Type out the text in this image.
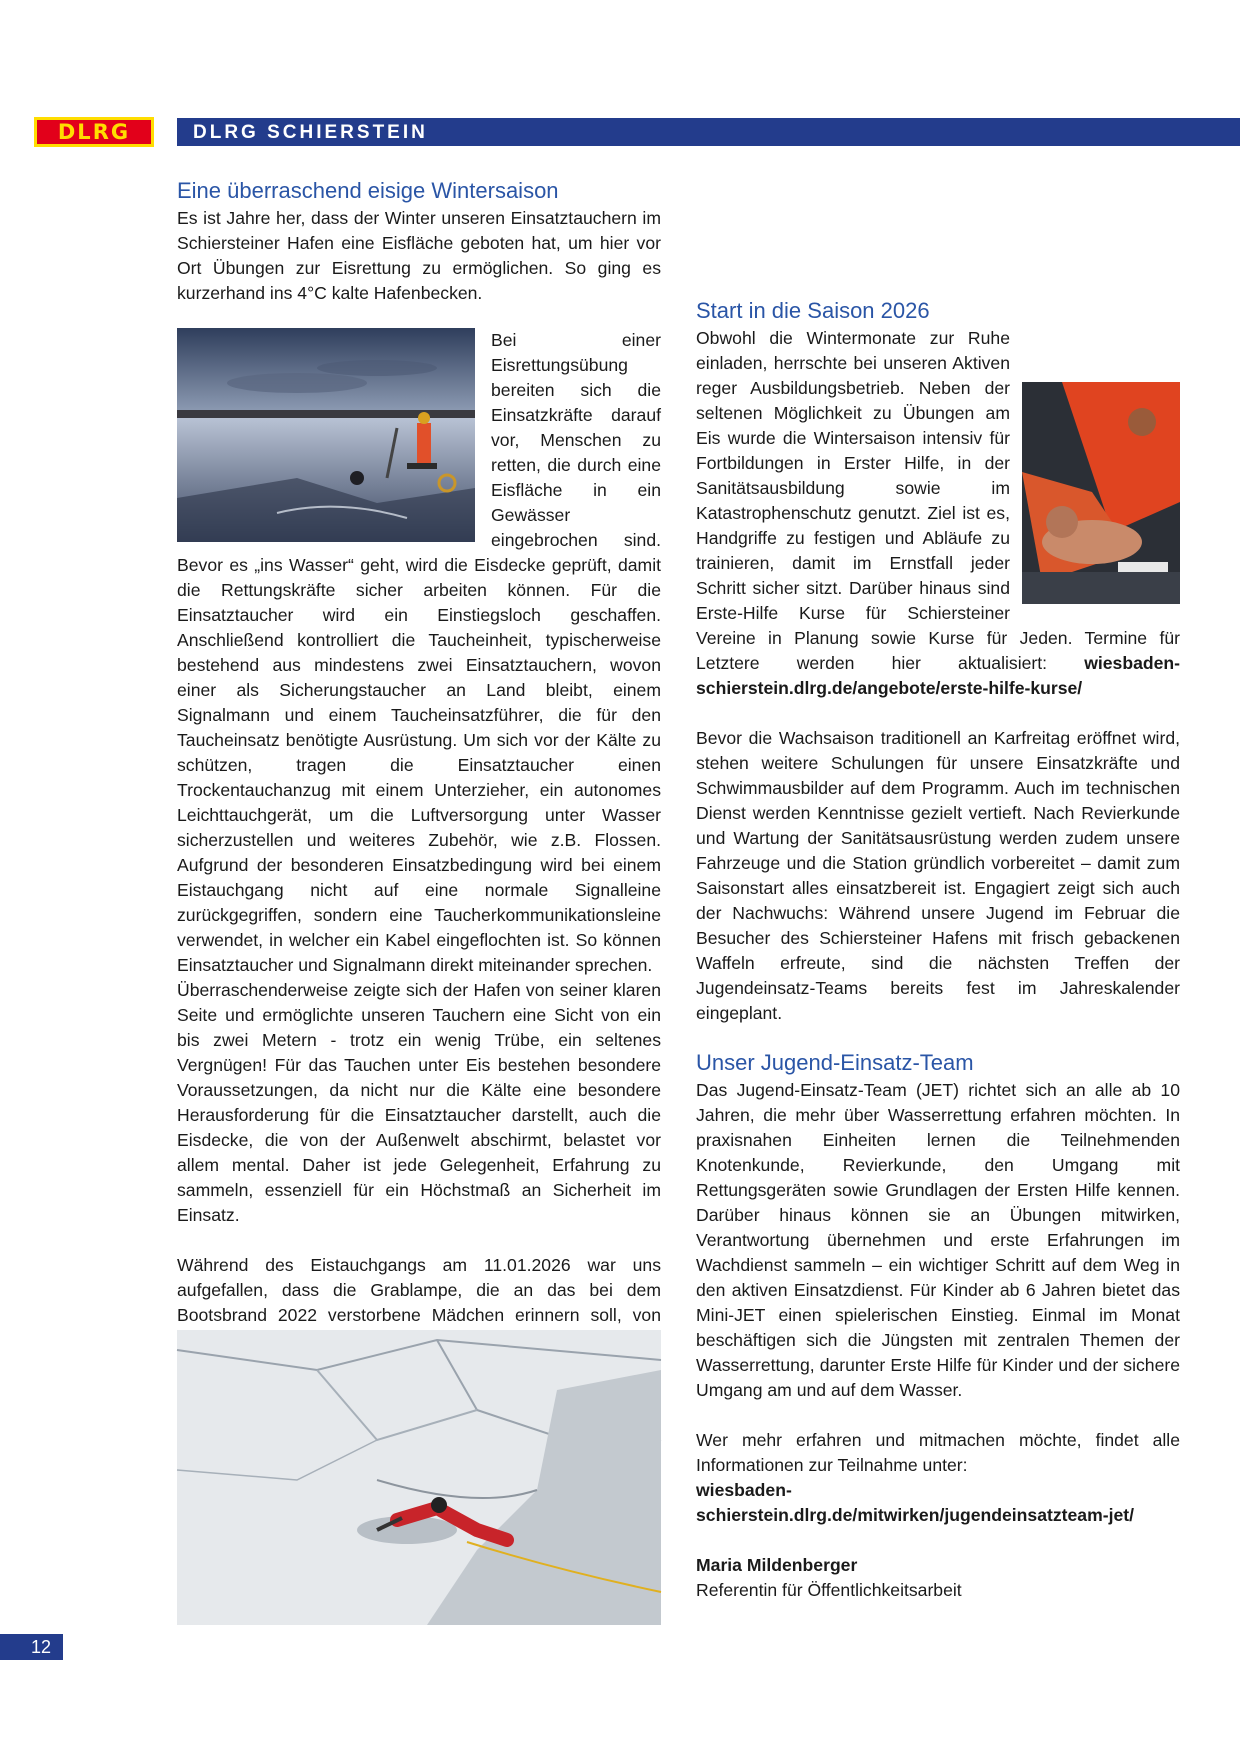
DLRG	DLRG SCHIERSTEIN
Eine überraschend eisige Wintersaison

Es ist Jahre her, dass der Winter unseren Einsatztauchern im Schiersteiner Hafen eine Eisfläche geboten hat, um hier vor Ort Übungen zur Eisrettung zu ermöglichen. So ging es kurzerhand ins 4°C kalte Hafenbecken.

Bei einer Eisrettungsübung bereiten sich die Einsatzkräfte darauf vor, Menschen zu retten, die durch eine Eisfläche in ein Gewässer eingebrochen sind. Bevor es „ins Wasser“ geht, wird die Eisdecke geprüft, damit die Rettungskräfte sicher arbeiten können. Für die Einsatztaucher wird ein Einstiegsloch geschaffen. Anschließend kontrolliert die Taucheinheit, typischerweise bestehend aus mindestens zwei Einsatztauchern, wovon einer als Sicherungstaucher an Land bleibt, einem Signalmann und einem Taucheinsatzführer, die für den Taucheinsatz benötigte Ausrüstung. Um sich vor der Kälte zu schützen, tragen die Einsatztaucher einen Trockentauchanzug mit einem Unterzieher, ein autonomes Leichttauchgerät, um die Luftversorgung unter Wasser sicherzustellen und weiteres Zubehör, wie z.B. Flossen. Aufgrund der besonderen Einsatzbedingung wird bei einem Eistauchgang nicht auf eine normale Signalleine zurückgegriffen, sondern eine Taucherkommunikationsleine verwendet, in welcher ein Kabel eingeflochten ist. So können Einsatztaucher und Signalmann direkt miteinander sprechen.

Überraschenderweise zeigte sich der Hafen von seiner klaren Seite und ermöglichte unseren Tauchern eine Sicht von ein bis zwei Metern - trotz ein wenig Trübe, ein seltenes Vergnügen! Für das Tauchen unter Eis bestehen besondere Voraussetzungen, da nicht nur die Kälte eine besondere Herausforderung für die Einsatztaucher darstellt, auch die Eisdecke, die von der Außenwelt abschirmt, belastet vor allem mental. Daher ist jede Gelegenheit, Erfahrung zu sammeln, essenziell für ein Höchstmaß an Sicherheit im Einsatz.

Während des Eistauchgangs am 11.01.2026 war uns aufgefallen, dass die Grablampe, die an das bei dem Bootsbrand 2022 verstorbene Mädchen erinnern soll, von

Start in die Saison 2026

Obwohl die Wintermonate zur Ruhe einladen, herrschte bei unseren Aktiven reger Ausbildungsbetrieb. Neben der seltenen Möglichkeit zu Übungen am Eis wurde die Wintersaison intensiv für Fortbildungen in Erster Hilfe, in der Sanitätsausbildung sowie im Katastrophenschutz genutzt. Ziel ist es, Handgriffe zu festigen und Abläufe zu trainieren, damit im Ernstfall jeder Schritt sicher sitzt. Darüber hinaus sind Erste-Hilfe Kurse für Schiersteiner Vereine in Planung sowie Kurse für Jeden. Termine für Letztere werden hier aktualisiert: wiesbaden-schierstein.dlrg.de/angebote/erste-hilfe-kurse/

Bevor die Wachsaison traditionell an Karfreitag eröffnet wird, stehen weitere Schulungen für unsere Einsatzkräfte und Schwimmausbilder auf dem Programm. Auch im technischen Dienst werden Kenntnisse gezielt vertieft. Nach Revierkunde und Wartung der Sanitätsausrüstung werden zudem unsere Fahrzeuge und die Station gründlich vorbereitet – damit zum Saisonstart alles einsatzbereit ist. Engagiert zeigt sich auch der Nachwuchs: Während unsere Jugend im Februar die Besucher des Schiersteiner Hafens mit frisch gebackenen Waffeln erfreute, sind die nächsten Treffen der Jugendeinsatz-Teams bereits fest im Jahreskalender eingeplant.

Unser Jugend-Einsatz-Team

Das Jugend-Einsatz-Team (JET) richtet sich an alle ab 10 Jahren, die mehr über Wasserrettung erfahren möchten. In praxisnahen Einheiten lernen die Teilnehmenden Knotenkunde, Revierkunde, den Umgang mit Rettungsgeräten sowie Grundlagen der Ersten Hilfe kennen. Darüber hinaus können sie an Übungen mitwirken, Verantwortung übernehmen und erste Erfahrungen im Wachdienst sammeln – ein wichtiger Schritt auf dem Weg in den aktiven Einsatzdienst. Für Kinder ab 6 Jahren bietet das Mini-JET einen spielerischen Einstieg. Einmal im Monat beschäftigen sich die Jüngsten mit zentralen Themen der Wasserrettung, darunter Erste Hilfe für Kinder und der sichere Umgang am und auf dem Wasser.

Wer mehr erfahren und mitmachen möchte, findet alle Informationen zur Teilnahme unter:

wiesbaden-schierstein.dlrg.de/mitwirken/jugendeinsatzteam-jet/

Maria Mildenberger

Referentin für Öffentlichkeitsarbeit

12
